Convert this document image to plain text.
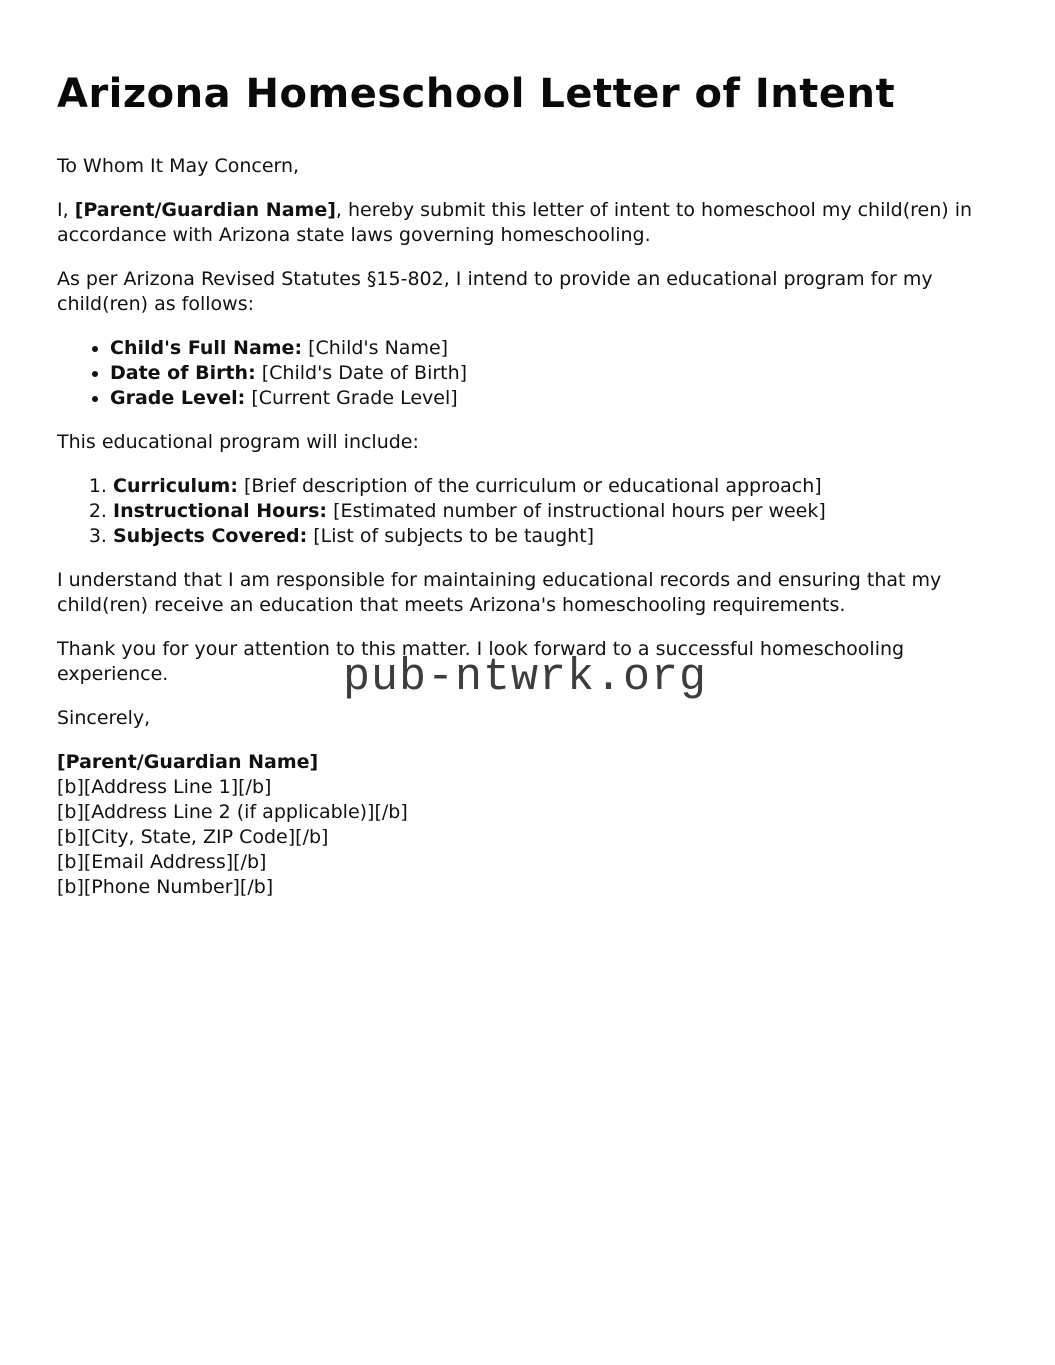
Arizona Homeschool Letter of Intent

To Whom It May Concern,

I, [Parent/Guardian Name], hereby submit this letter of intent to homeschool my child(ren) in accordance with Arizona state laws governing homeschooling.

As per Arizona Revised Statutes §15-802, I intend to provide an educational program for my child(ren) as follows:

• Child's Full Name: [Child's Name]
• Date of Birth: [Child's Date of Birth]
• Grade Level: [Current Grade Level]

This educational program will include:

1. Curriculum: [Brief description of the curriculum or educational approach]
2. Instructional Hours: [Estimated number of instructional hours per week]
3. Subjects Covered: [List of subjects to be taught]

I understand that I am responsible for maintaining educational records and ensuring that my child(ren) receive an education that meets Arizona's homeschooling requirements.

Thank you for your attention to this matter. I look forward to a successful homeschooling experience.

Sincerely,

[Parent/Guardian Name]

[b][Address Line 1][/b]

[b][Address Line 2 (if applicable)][/b]

[b][City, State, ZIP Code][/b]

[b][Email Address][/b]

[b][Phone Number][/b]

pub-ntwrk.org
